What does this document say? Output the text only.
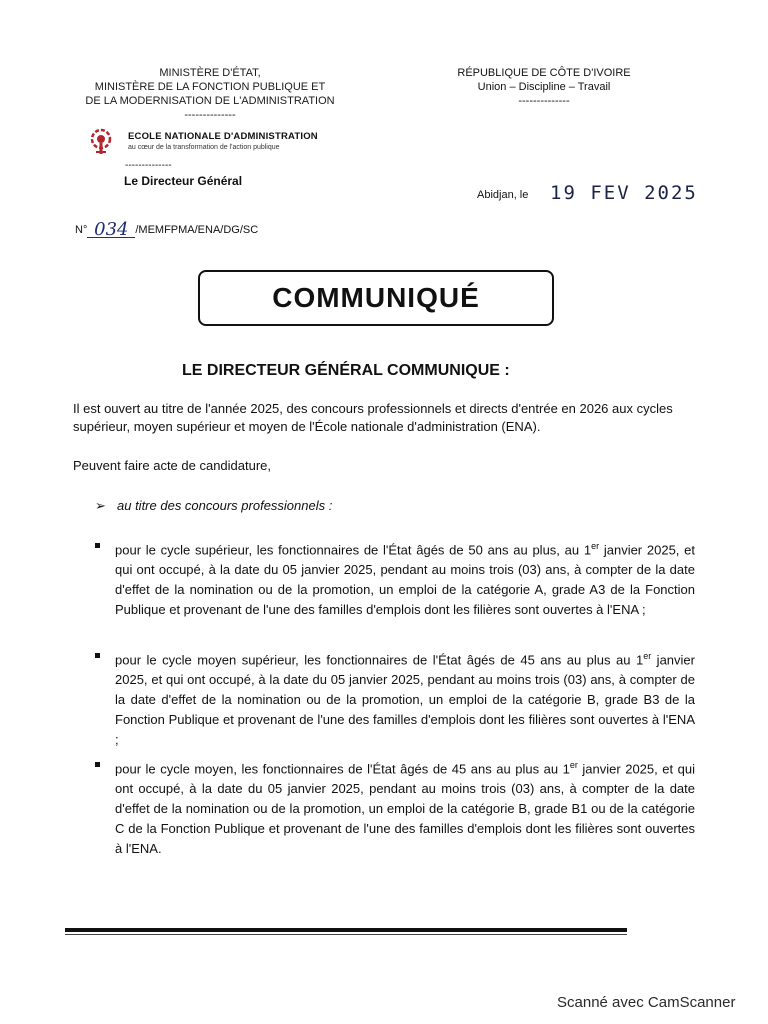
MINISTÈRE D'ÉTAT,
MINISTÈRE DE LA FONCTION PUBLIQUE ET
DE LA MODERNISATION DE L'ADMINISTRATION
--------------
ECOLE NATIONALE D'ADMINISTRATION
au cœur de la transformation de l'action publique
--------------
Le Directeur Général
RÉPUBLIQUE DE CÔTE D'IVOIRE
Union – Discipline – Travail
--------------
Abidjan, le 19 FEV 2025
N° 034 /MEMFPMA/ENA/DG/SC
COMMUNIQUÉ
LE DIRECTEUR GÉNÉRAL COMMUNIQUE :
Il est ouvert au titre de l'année 2025, des concours professionnels et directs d'entrée en 2026 aux cycles supérieur, moyen supérieur et moyen de l'École nationale d'administration (ENA).
Peuvent faire acte de candidature,
➢ au titre des concours professionnels :
pour le cycle supérieur, les fonctionnaires de l'État âgés de 50 ans au plus, au 1er janvier 2025, et qui ont occupé, à la date du 05 janvier 2025, pendant au moins trois (03) ans, à compter de la date d'effet de la nomination ou de la promotion, un emploi de la catégorie A, grade A3 de la Fonction Publique et provenant de l'une des familles d'emplois dont les filières sont ouvertes à l'ENA ;
pour le cycle moyen supérieur, les fonctionnaires de l'État âgés de 45 ans au plus au 1er janvier 2025, et qui ont occupé, à la date du 05 janvier 2025, pendant au moins trois (03) ans, à compter de la date d'effet de la nomination ou de la promotion, un emploi de la catégorie B, grade B3 de la Fonction Publique et provenant de l'une des familles d'emplois dont les filières sont ouvertes à l'ENA ;
pour le cycle moyen, les fonctionnaires de l'État âgés de 45 ans au plus au 1er janvier 2025, et qui ont occupé, à la date du 05 janvier 2025, pendant au moins trois (03) ans, à compter de la date d'effet de la nomination ou de la promotion, un emploi de la catégorie B, grade B1 ou de la catégorie C de la Fonction Publique et provenant de l'une des familles d'emplois dont les filières sont ouvertes à l'ENA.
Scanné avec CamScanner
